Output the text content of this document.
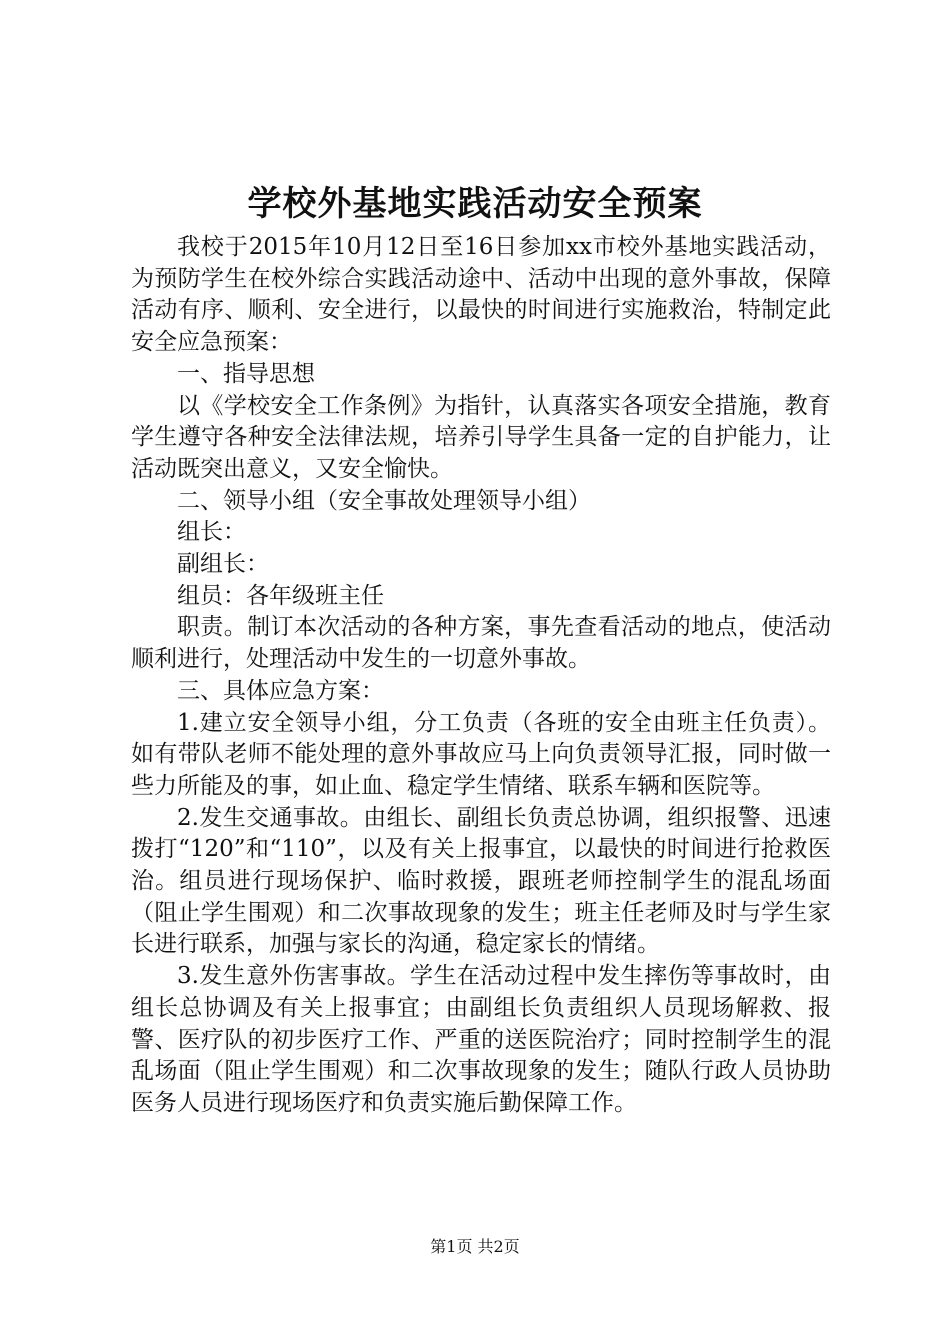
学校外基地实践活动安全预案

我校于2015年10月12日至16日参加xx市校外基地实践活动，为预防学生在校外综合实践活动途中、活动中出现的意外事故，保障活动有序、顺利、安全进行，以最快的时间进行实施救治，特制定此安全应急预案：

一、指导思想

以《学校安全工作条例》为指针，认真落实各项安全措施，教育学生遵守各种安全法律法规，培养引导学生具备一定的自护能力，让活动既突出意义，又安全愉快。

二、领导小组（安全事故处理领导小组）

组长：

副组长：

组员：各年级班主任

职责。制订本次活动的各种方案，事先查看活动的地点，使活动顺利进行，处理活动中发生的一切意外事故。

三、具体应急方案：

1.建立安全领导小组，分工负责（各班的安全由班主任负责）。如有带队老师不能处理的意外事故应马上向负责领导汇报，同时做一些力所能及的事，如止血、稳定学生情绪、联系车辆和医院等。

2.发生交通事故。由组长、副组长负责总协调，组织报警、迅速拨打“120”和“110”，以及有关上报事宜，以最快的时间进行抢救医治。组员进行现场保护、临时救援，跟班老师控制学生的混乱场面（阻止学生围观）和二次事故现象的发生；班主任老师及时与学生家长进行联系，加强与家长的沟通，稳定家长的情绪。

3.发生意外伤害事故。学生在活动过程中发生摔伤等事故时，由组长总协调及有关上报事宜；由副组长负责组织人员现场解救、报警、医疗队的初步医疗工作、严重的送医院治疗；同时控制学生的混乱场面（阻止学生围观）和二次事故现象的发生；随队行政人员协助医务人员进行现场医疗和负责实施后勤保障工作。

第1页 共2页
